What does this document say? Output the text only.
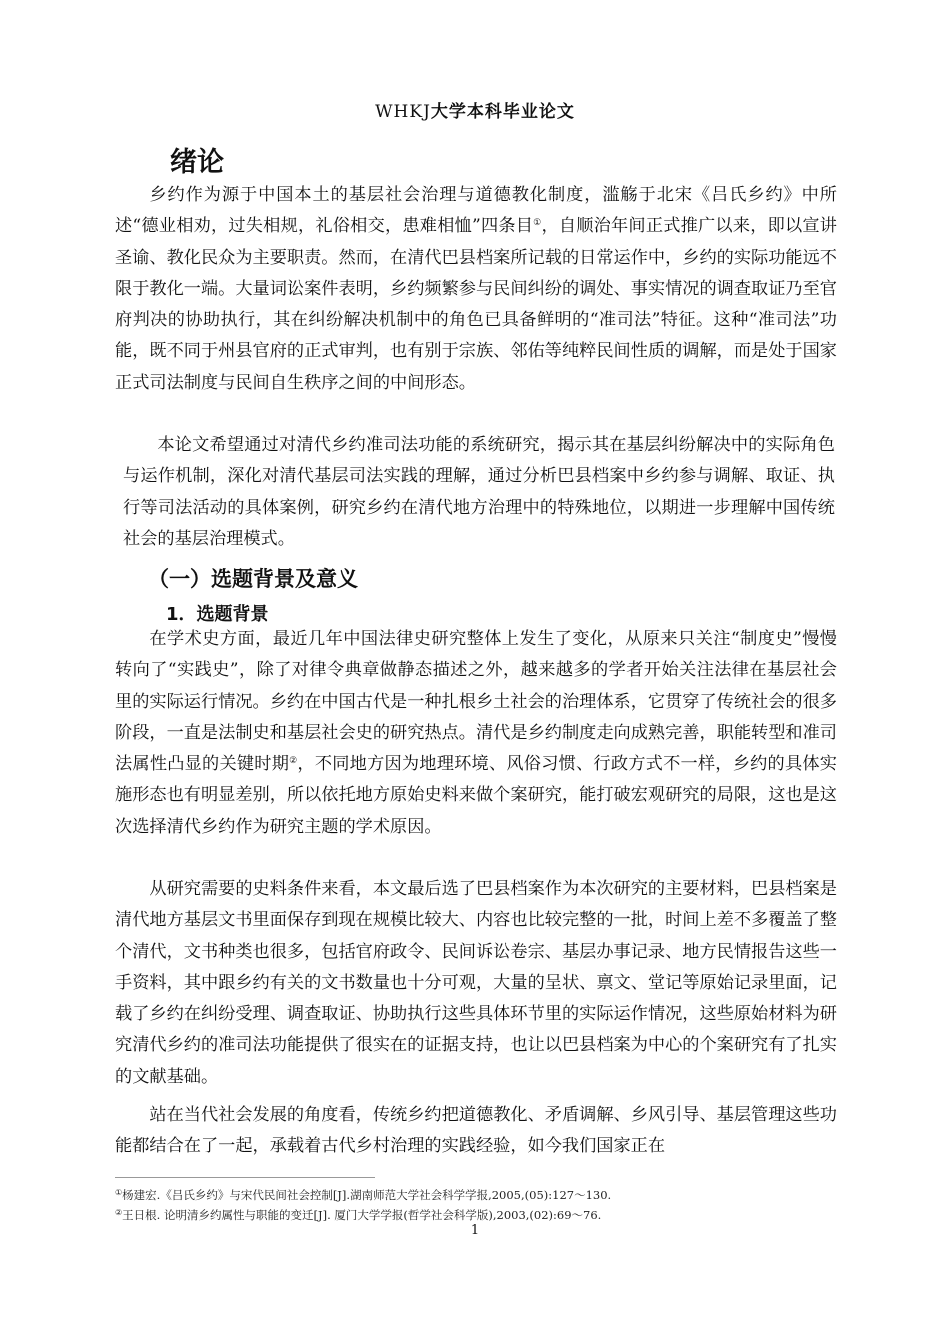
WHKJ大学本科毕业论文
绪论

乡约作为源于中国本土的基层社会治理与道德教化制度，滥觞于北宋《吕氏乡约》中所述“德业相劝，过失相规，礼俗相交，患难相恤”四条目①，自顺治年间正式推广以来，即以宣讲圣谕、教化民众为主要职责。然而，在清代巴县档案所记载的日常运作中，乡约的实际功能远不限于教化一端。大量词讼案件表明，乡约频繁参与民间纠纷的调处、事实情况的调查取证乃至官府判决的协助执行，其在纠纷解决机制中的角色已具备鲜明的“准司法”特征。这种“准司法”功能，既不同于州县官府的正式审判，也有别于宗族、邻佑等纯粹民间性质的调解，而是处于国家正式司法制度与民间自生秩序之间的中间形态。

本论文希望通过对清代乡约准司法功能的系统研究，揭示其在基层纠纷解决中的实际角色与运作机制，深化对清代基层司法实践的理解，通过分析巴县档案中乡约参与调解、取证、执行等司法活动的具体案例，研究乡约在清代地方治理中的特殊地位，以期进一步理解中国传统社会的基层治理模式。

（一）选题背景及意义
1．选题背景

在学术史方面，最近几年中国法律史研究整体上发生了变化，从原来只关注“制度史”慢慢转向了“实践史”，除了对律令典章做静态描述之外，越来越多的学者开始关注法律在基层社会里的实际运行情况。乡约在中国古代是一种扎根乡土社会的治理体系，它贯穿了传统社会的很多阶段，一直是法制史和基层社会史的研究热点。清代是乡约制度走向成熟完善，职能转型和准司法属性凸显的关键时期②，不同地方因为地理环境、风俗习惯、行政方式不一样，乡约的具体实施形态也有明显差别，所以依托地方原始史料来做个案研究，能打破宏观研究的局限，这也是这次选择清代乡约作为研究主题的学术原因。

从研究需要的史料条件来看，本文最后选了巴县档案作为本次研究的主要材料，巴县档案是清代地方基层文书里面保存到现在规模比较大、内容也比较完整的一批，时间上差不多覆盖了整个清代，文书种类也很多，包括官府政令、民间诉讼卷宗、基层办事记录、地方民情报告这些一手资料，其中跟乡约有关的文书数量也十分可观，大量的呈状、禀文、堂记等原始记录里面，记载了乡约在纠纷受理、调查取证、协助执行这些具体环节里的实际运作情况，这些原始材料为研究清代乡约的准司法功能提供了很实在的证据支持，也让以巴县档案为中心的个案研究有了扎实的文献基础。

站在当代社会发展的角度看，传统乡约把道德教化、矛盾调解、乡风引导、基层管理这些功能都结合在了一起，承载着古代乡村治理的实践经验，如今我们国家正在

①杨建宏.《吕氏乡约》与宋代民间社会控制[J].湖南师范大学社会科学学报,2005,(05):127～130.
②王日根. 论明清乡约属性与职能的变迁[J]. 厦门大学学报(哲学社会科学版),2003,(02):69～76.
1
